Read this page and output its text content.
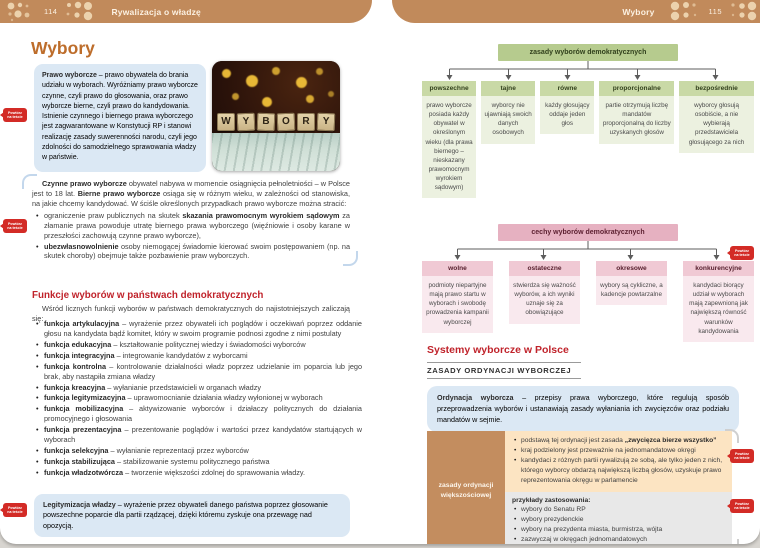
114	Rywalizacja o władzę
Wybory

Prawo wyborcze – prawo obywatela do brania udziału w wyborach. Wyróżniamy prawo wyborcze czynne, czyli prawo do głosowania, oraz prawo wyborcze bierne, czyli prawo do kandydowania. Istnienie czynnego i biernego prawa wyborczego jest zagwarantowane w Konstytucji RP i stanowi realizację zasady suwerenności narodu, czyli jego zdolności do samodzielnego sprawowania władzy w państwie.

W	Y	B	O	R	Y

Czynne prawo wyborcze obywatel nabywa w momencie osiągnięcia pełnoletniości – w Polsce jest to 18 lat. Bierne prawo wyborcze osiąga się w różnym wieku, w zależności od stanowiska, na jakie chcemy kandydować. W ściśle określonych przypadkach prawo wyborcze można stracić:

• ograniczenie praw publicznych na skutek skazania prawomocnym wyrokiem sądowym za złamanie prawa powoduje utratę biernego prawa wyborczego (więźniowie i osoby karane w przeszłości zachowują czynne prawo wyborcze),
• ubezwłasnowolnienie osoby niemogącej świadomie kierować swoim postępowaniem (np. na skutek choroby) obejmuje także pozbawienie praw wyborczych.
Funkcje wyborów w państwach demokratycznych

Wśród licznych funkcji wyborów w państwach demokratycznych do najistotniejszych zaliczają się:

• funkcja artykulacyjna – wyrażenie przez obywateli ich poglądów i oczekiwań poprzez oddanie głosu na kandydata bądź komitet, który w swoim programie podnosi zgodne z nimi postulaty
• funkcja edukacyjna – kształtowanie politycznej wiedzy i świadomości wyborców
• funkcja integracyjna – integrowanie kandydatów z wyborcami
• funkcja kontrolna – kontrolowanie działalności władz poprzez udzielanie im poparcia lub jego brak, aby nastąpiła zmiana władzy
• funkcja kreacyjna – wyłanianie przedstawicieli w organach władzy
• funkcja legitymizacyjna – uprawomocnianie działania władzy wyłonionej w wyborach
• funkcja mobilizacyjna – aktywizowanie wyborców i działaczy politycznych do działania promocyjnego i głosowania
• funkcja prezentacyjna – prezentowanie poglądów i wartości przez kandydatów startujących w wyborach
• funkcja selekcyjna – wyłanianie reprezentacji przez wyborców
• funkcja stabilizująca – stabilizowanie systemu politycznego państwa
• funkcja władzotwórcza – tworzenie większości zdolnej do sprawowania władzy.

Legitymizacja władzy – wyrażenie przez obywateli danego państwa poprzez głosowanie powszechne poparcie dla partii rządzącej, dzięki któremu zyskuje ona przewagę nad opozycją.

Powtórz
na teście
Powtórz
na teście
Powtórz
na teście
Wybory	115
zasady wyborów demokratycznych
powszechne
prawo wyborcze posiada każdy obywatel w określonym wieku (dla prawa biernego – nieskazany prawomocnym wyrokiem sądowym)
tajne
wyborcy nie ujawniają swoich danych osobowych
równe
każdy głosujący oddaje jeden głos
proporcjonalne
partie otrzymują liczbę mandatów proporcjonalną do liczby uzyskanych głosów
bezpośrednie
wyborcy głosują osobiście, a nie wybierają przedstawiciela głosującego za nich
cechy wyborów demokratycznych
wolne
podmioty niepartyjne mają prawo startu w wyborach i swobodę prowadzenia kampanii wyborczej
ostateczne
stwierdza się ważność wyborów, a ich wyniki uznaje się za obowiązujące
okresowe
wybory są cykliczne, a kadencje powtarzalne
konkurencyjne
kandydaci biorący udział w wyborach mają zapewnioną jak największą równość warunków kandydowania
Systemy wyborcze w Polsce
ZASADY ORDYNACJI WYBORCZEJ

Ordynacja wyborcza – przepisy prawa wyborczego, które regulują sposób przeprowadzenia wyborów i ustanawiają zasady wyłaniania ich zwycięzców oraz podziału mandatów w sejmie.

zasady ordynacji większościowej
• podstawą tej ordynacji jest zasada „zwycięzca bierze wszystko”
• kraj podzielony jest przeważnie na jednomandatowe okręgi
• kandydaci z różnych partii rywalizują ze sobą, ale tylko jeden z nich, którego wyborcy obdarzą największą liczbą głosów, uzyskuje prawo reprezentowania okręgu w parlamencie

przykłady zastosowania:

• wybory do Senatu RP
• wybory prezydenckie
• wybory na prezydenta miasta, burmistrza, wójta
• zazwyczaj w okręgach jednomandatowych
Powtórz
na teście
Powtórz
na teście
Powtórz
na teście
